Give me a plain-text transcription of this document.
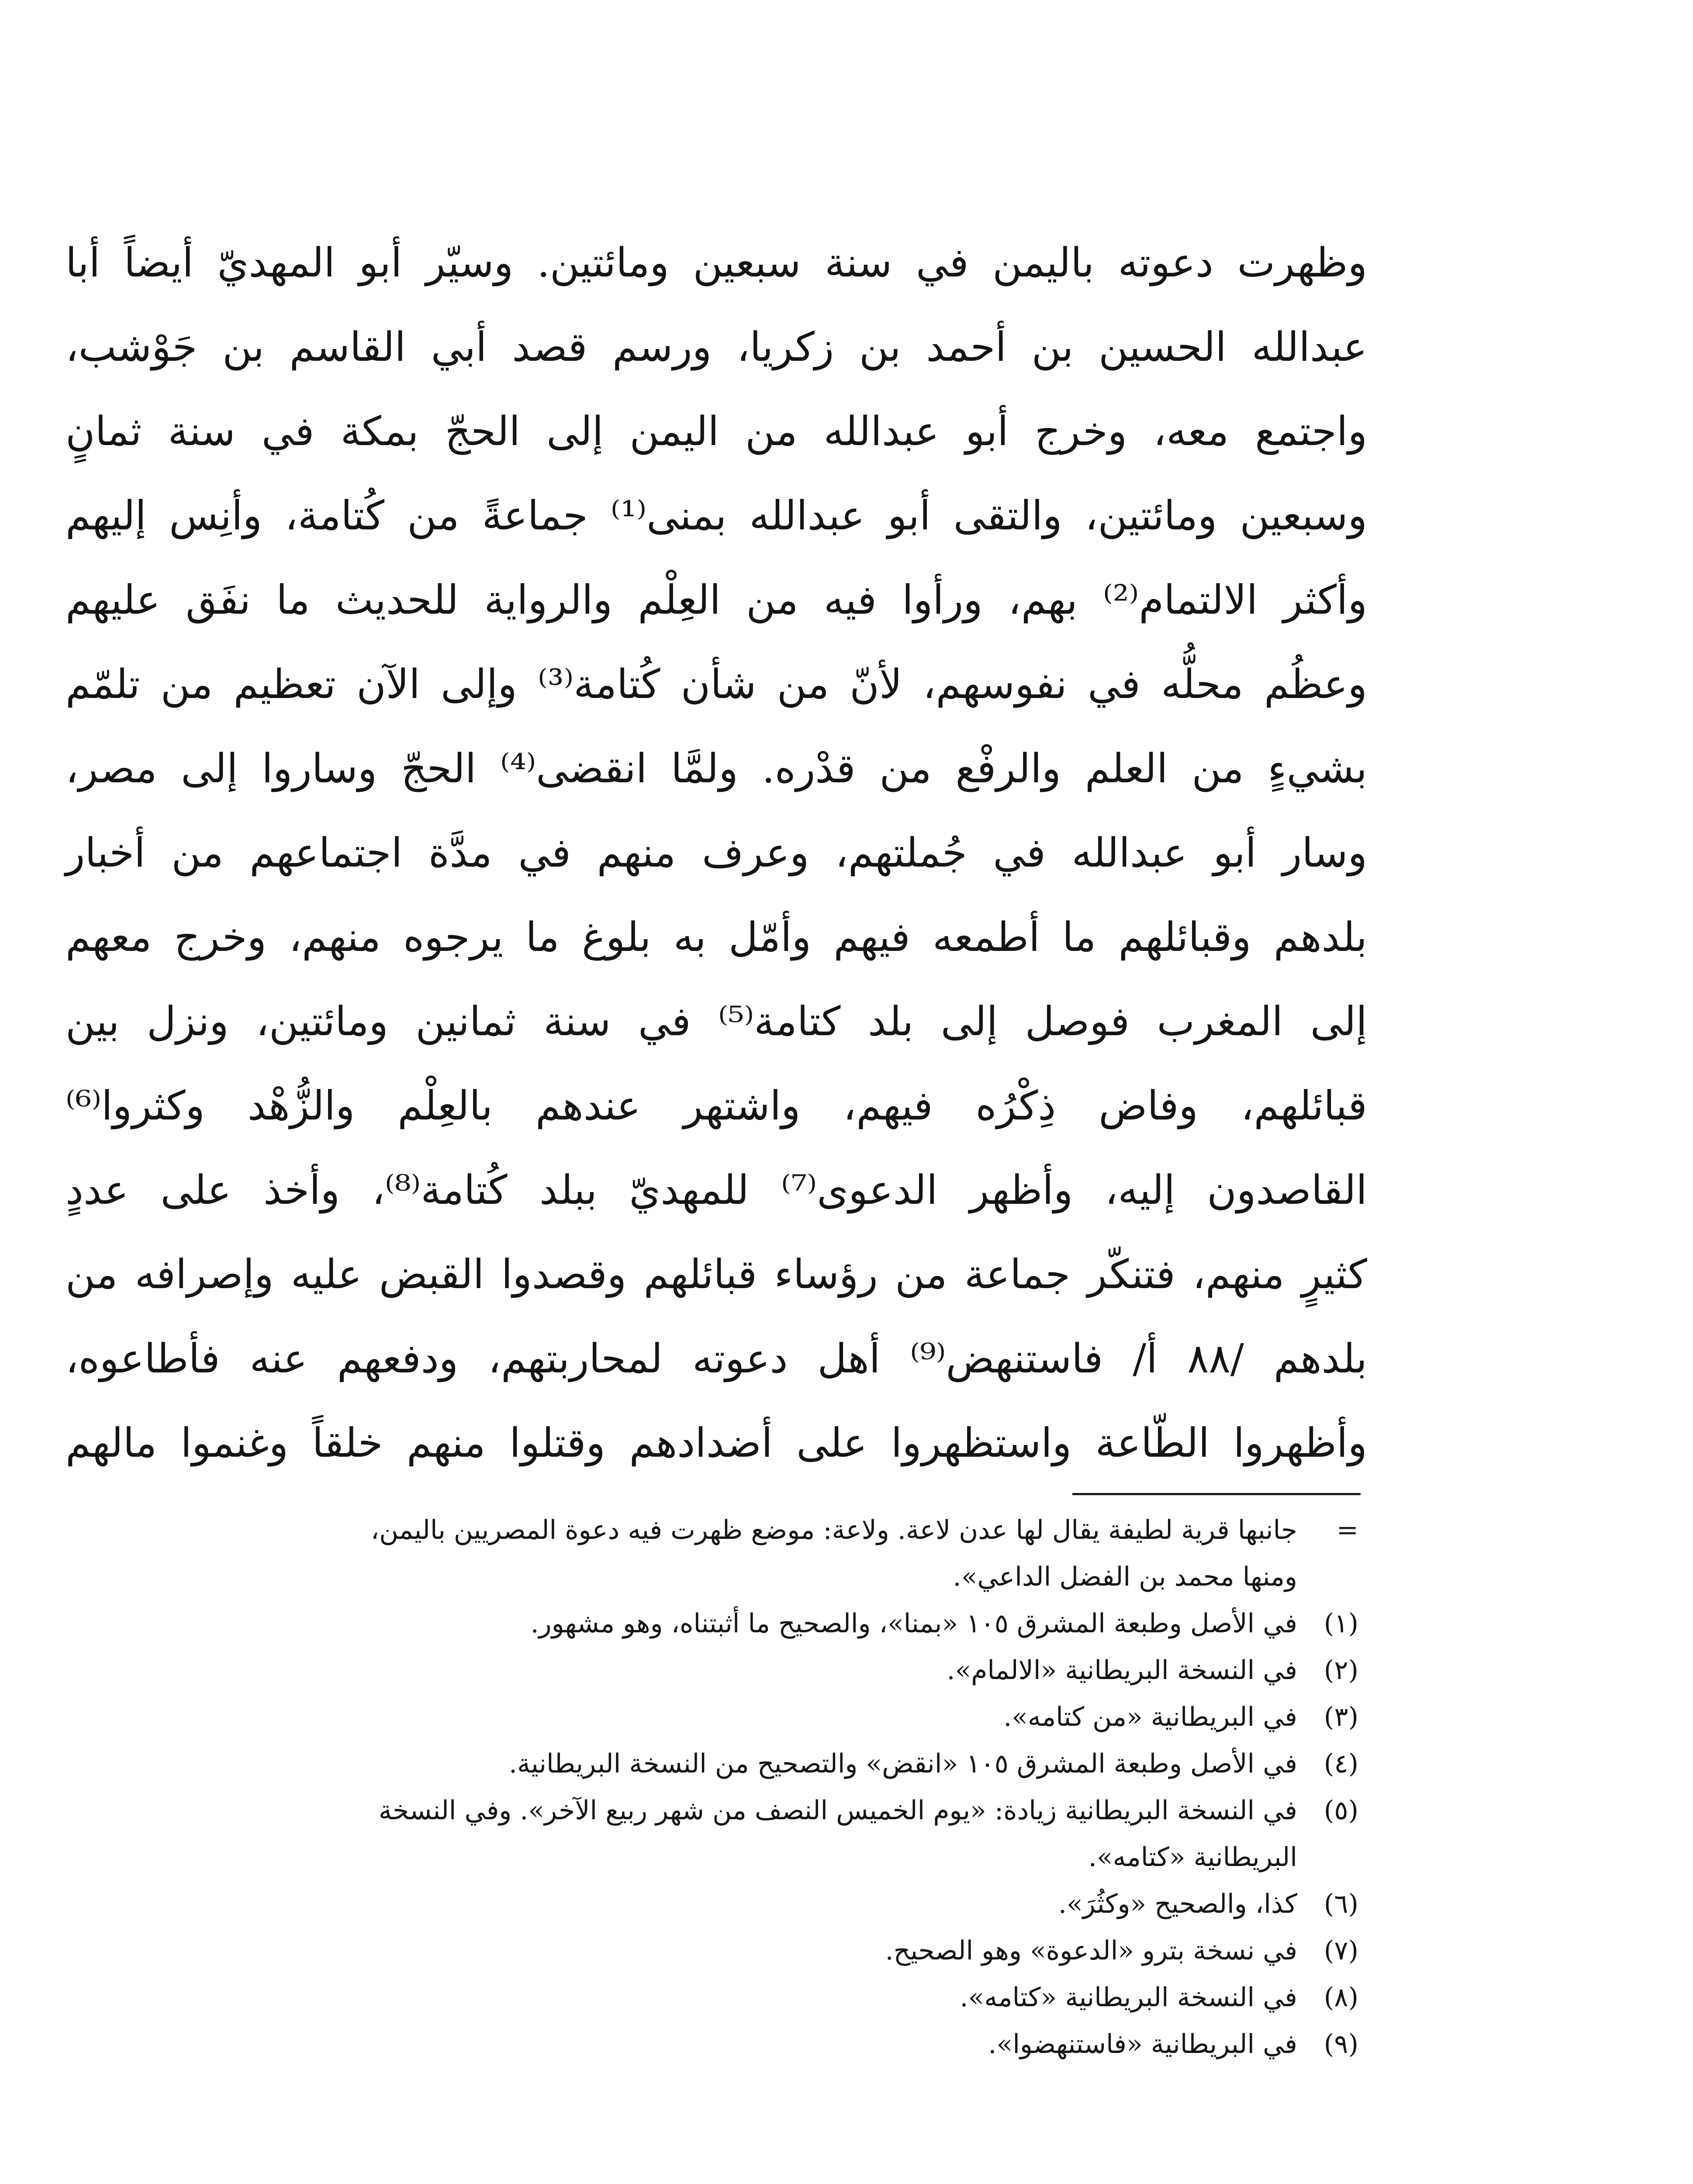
وظهرت دعوته باليمن في سنة سبعين ومائتين. وسيّر أبو المهديّ أيضاً أبا
عبدالله الحسين بن أحمد بن زكريا، ورسم قصد أبي القاسم بن جَوْشب،
واجتمع معه، وخرج أبو عبدالله من اليمن إلى الحجّ بمكة في سنة ثمانٍ
وسبعين ومائتين، والتقى أبو عبدالله بمنى⁽¹⁾ جماعةً من كُتامة، وأنِس إليهم
وأكثر الالتمام⁽²⁾ بهم، ورأوا فيه من العِلْم والرواية للحديث ما نفَق عليهم
وعظُم محلُّه في نفوسهم، لأنّ من شأن كُتامة⁽³⁾ وإلى الآن تعظيم من تلمّم
بشيءٍ من العلم والرفْع من قدْره. ولمَّا انقضى⁽⁴⁾ الحجّ وساروا إلى مصر،
وسار أبو عبدالله في جُملتهم، وعرف منهم في مدَّة اجتماعهم من أخبار
بلدهم وقبائلهم ما أطمعه فيهم وأمّل به بلوغ ما يرجوه منهم، وخرج معهم
إلى المغرب فوصل إلى بلد كتامة⁽⁵⁾ في سنة ثمانين ومائتين، ونزل بين
قبائلهم، وفاض ذِكْرُه فيهم، واشتهر عندهم بالعِلْم والزُّهْد وكثروا⁽⁶⁾
القاصدون إليه، وأظهر الدعوى⁽⁷⁾ للمهديّ ببلد كُتامة⁽⁸⁾، وأخذ على عددٍ
كثيرٍ منهم، فتنكّر جماعة من رؤساء قبائلهم وقصدوا القبض عليه وإصرافه من
بلدهم /٨٨ أ/ فاستنهض⁽⁹⁾ أهل دعوته لمحاربتهم، ودفعهم عنه فأطاعوه،
وأظهروا الطّاعة واستظهروا على أضدادهم وقتلوا منهم خلقاً وغنموا مالهم
=
جانبها قرية لطيفة يقال لها عدن لاعة. ولاعة: موضع ظهرت فيه دعوة المصريين باليمن،
ومنها محمد بن الفضل الداعي».
(١)
في الأصل وطبعة المشرق ١٠٥ «بمنا»، والصحيح ما أثبتناه، وهو مشهور.
(٢)
في النسخة البريطانية «الالمام».
(٣)
في البريطانية «من كتامه».
(٤)
في الأصل وطبعة المشرق ١٠٥ «انقض» والتصحيح من النسخة البريطانية.
(٥)
في النسخة البريطانية زيادة: «يوم الخميس النصف من شهر ربيع الآخر». وفي النسخة
البريطانية «كتامه».
(٦)
كذا، والصحيح «وكثُرَ».
(٧)
في نسخة بترو «الدعوة» وهو الصحيح.
(٨)
في النسخة البريطانية «كتامه».
(٩)
في البريطانية «فاستنهضوا».
